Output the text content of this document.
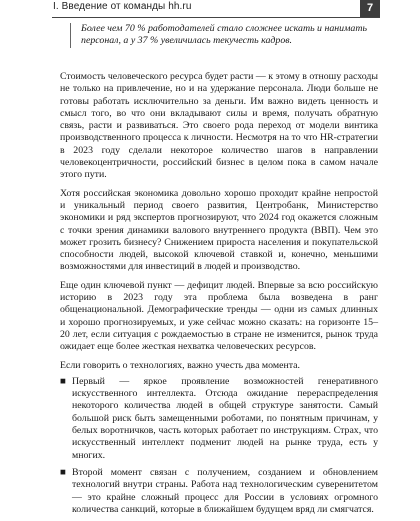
I. Введение от команды hh.ru	7
Более чем 70 % работодателей стало сложнее искать и нанимать персонал, а у 37 % увеличилась текучесть кадров.

Стоимость человеческого ресурса будет расти — к этому в отношу расходы не только на привлечение, но и на удержание персонала. Люди больше не готовы работать исключительно за деньги. Им важно видеть ценность и смысл того, во что они вкладывают силы и время, получать обратную связь, расти и развиваться. Это своего рода переход от модели винтика производственного процесса к личности. Несмотря на то что HR-стратегии в 2023 году сделали некоторое количество шагов в направлении человекоцентричности, российский бизнес в целом пока в самом начале этого пути.

Хотя российская экономика довольно хорошо проходит крайне непростой и уникальный период своего развития, Центробанк, Министерство экономики и ряд экспертов прогнозируют, что 2024 год окажется сложным с точки зрения динамики валового внутреннего продукта (ВВП). Чем это может грозить бизнесу? Снижением прироста населения и покупательской способности людей, высокой ключевой ставкой и, конечно, меньшими возможностями для инвестиций в людей и производство.

Еще один ключевой пункт — дефицит людей. Впервые за всю российскую историю в 2023 году эта проблема была возведена в ранг общенациональной. Демографические тренды — одни из самых длинных и хорошо прогнозируемых, и уже сейчас можно сказать: на горизонте 15–20 лет, если ситуация с рождаемостью в стране не изменится, рынок труда ожидает еще более жесткая нехватка человеческих ресурсов.

Если говорить о технологиях, важно учесть два момента.

■ Первый — яркое проявление возможностей генеративного искусственного интеллекта. Отсюда ожидание перераспределения некоторого количества людей в общей структуре занятости. Самый большой риск быть замещенными роботами, по понятным причинам, у белых воротничков, часть которых работает по инструкциям. Страх, что искусственный интеллект подменит людей на рынке труда, есть у многих.
■ Второй момент связан с получением, созданием и обновлением технологий внутри страны. Работа над технологическим суверенитетом — это крайне сложный процесс для России в условиях огромного количества санкций, которые в ближайшем будущем вряд ли смягчатся.
